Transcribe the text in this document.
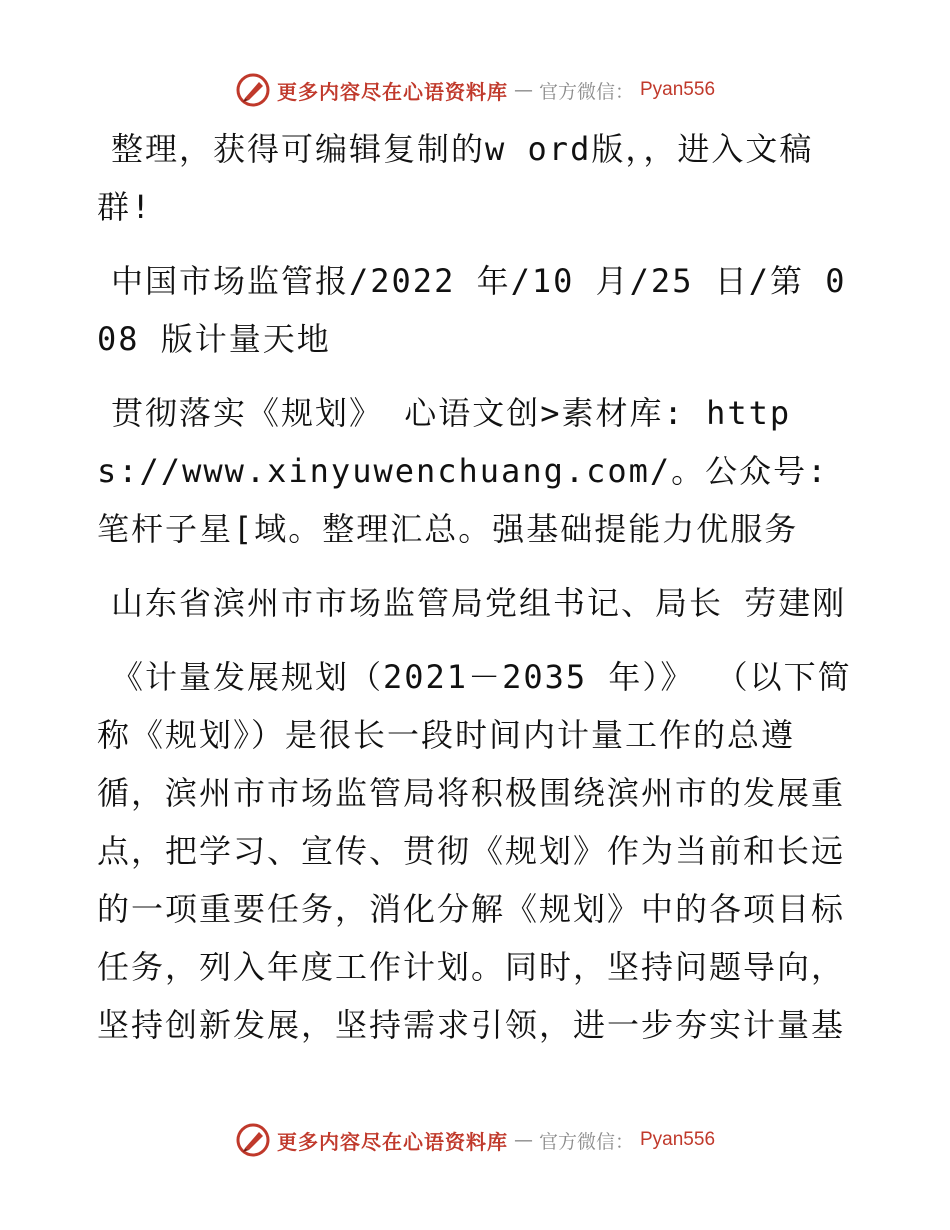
更多内容尽在心语资料库 — 官方微信： Pyan556

整理，获得可编辑复制的w ord版，，进入文稿群!

中国市场监管报/2022 年/10 月/25 日/第 008 版计量天地

贯彻落实《规划》 心语文创>素材库: https://www.xinyuwenchuang.com/。公众号: 笔杆子星[域。整理汇总。强基础提能力优服务

山东省滨州市市场监管局党组书记、局长 劳建刚

《计量发展规划（2021－2035 年）》 （以下简称《规划》）是很长一段时间内计量工作的总遵循，滨州市市场监管局将积极围绕滨州市的发展重点，把学习、宣传、贯彻《规划》作为当前和长远的一项重要任务，消化分解《规划》中的各项目标任务，列入年度工作计划。同时，坚持问题导向，坚持创新发展，坚持需求引领，进一步夯实计量基

更多内容尽在心语资料库 — 官方微信： Pyan556
